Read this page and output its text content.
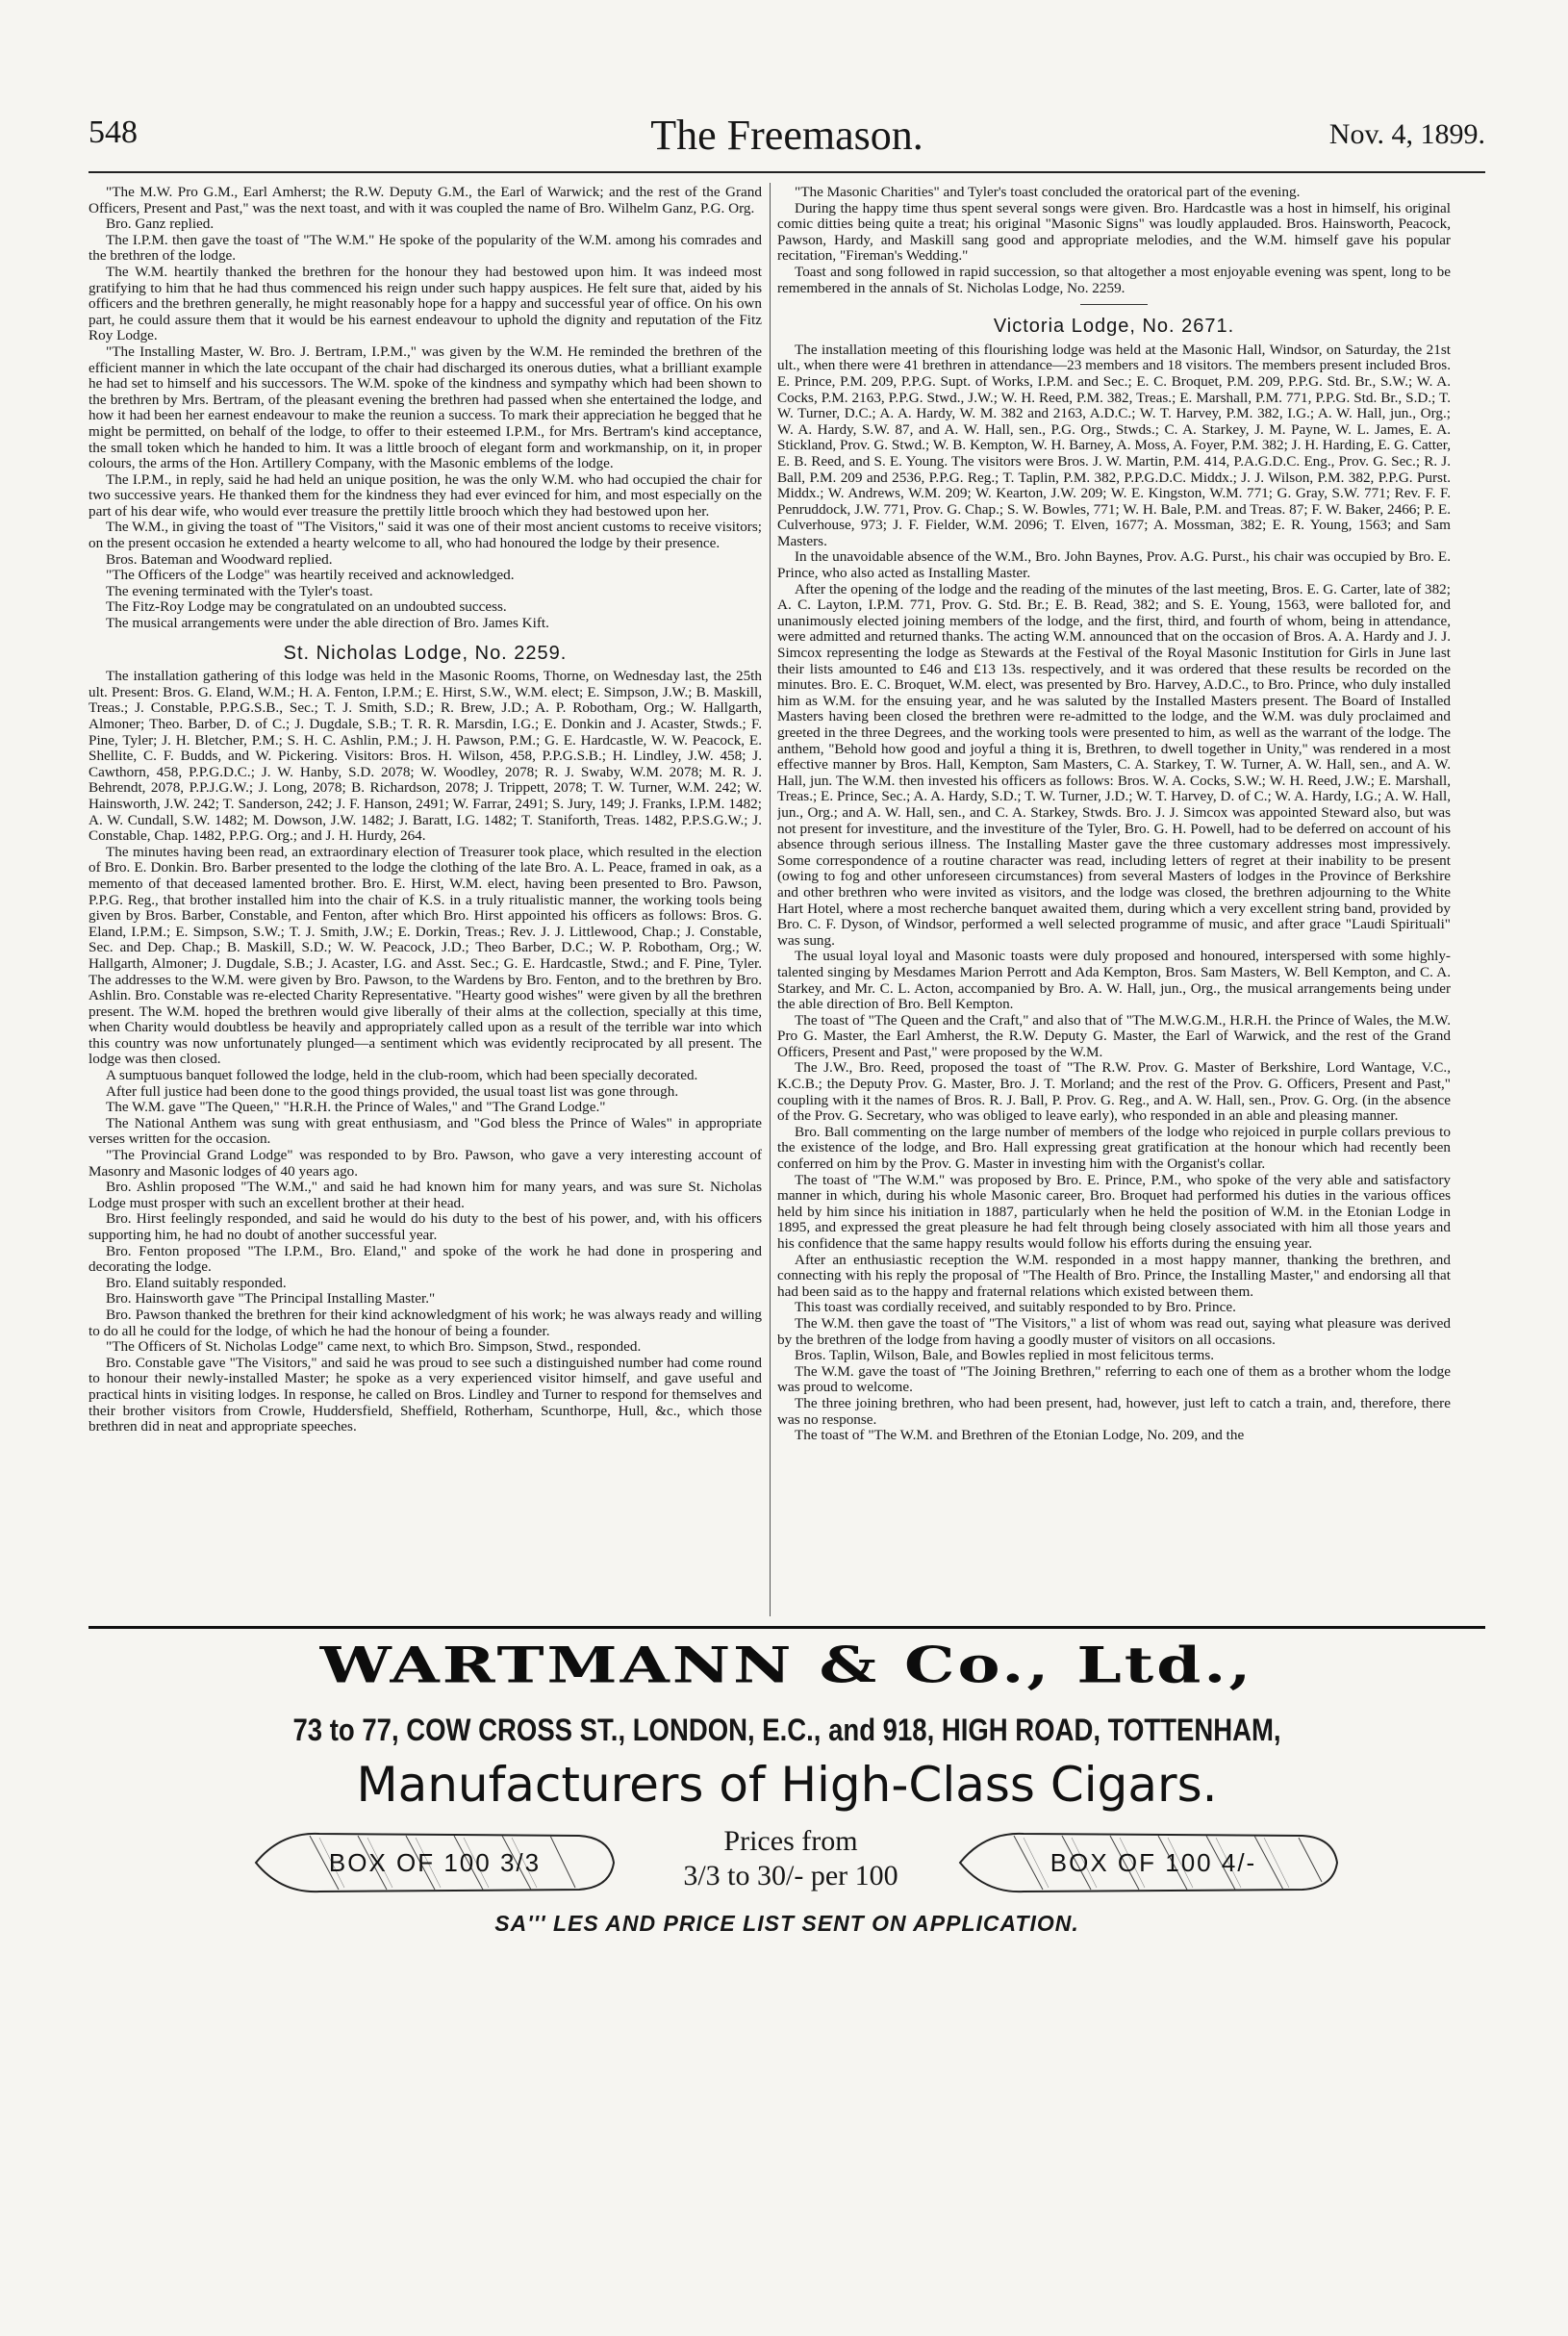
548	The Freemason.	Nov. 4, 1899.

"The M.W. Pro G.M., Earl Amherst; the R.W. Deputy G.M., the Earl of Warwick; and the rest of the Grand Officers, Present and Past," was the next toast, and with it was coupled the name of Bro. Wilhelm Ganz, P.G. Org.

Bro. Ganz replied.

The I.P.M. then gave the toast of "The W.M." He spoke of the popularity of the W.M. among his comrades and the brethren of the lodge.

The W.M. heartily thanked the brethren for the honour they had bestowed upon him. It was indeed most gratifying to him that he had thus commenced his reign under such happy auspices. He felt sure that, aided by his officers and the brethren generally, he might reasonably hope for a happy and successful year of office. On his own part, he could assure them that it would be his earnest endeavour to uphold the dignity and reputation of the Fitz Roy Lodge.

"The Installing Master, W. Bro. J. Bertram, I.P.M.," was given by the W.M. He reminded the brethren of the efficient manner in which the late occupant of the chair had discharged its onerous duties, what a brilliant example he had set to himself and his successors. The W.M. spoke of the kindness and sympathy which had been shown to the brethren by Mrs. Bertram, of the pleasant evening the brethren had passed when she entertained the lodge, and how it had been her earnest endeavour to make the reunion a success. To mark their appreciation he begged that he might be permitted, on behalf of the lodge, to offer to their esteemed I.P.M., for Mrs. Bertram's kind acceptance, the small token which he handed to him. It was a little brooch of elegant form and workmanship, on it, in proper colours, the arms of the Hon. Artillery Company, with the Masonic emblems of the lodge.

The I.P.M., in reply, said he had held an unique position, he was the only W.M. who had occupied the chair for two successive years. He thanked them for the kindness they had ever evinced for him, and most especially on the part of his dear wife, who would ever treasure the prettily little brooch which they had bestowed upon her.

The W.M., in giving the toast of "The Visitors," said it was one of their most ancient customs to receive visitors; on the present occasion he extended a hearty welcome to all, who had honoured the lodge by their presence.

Bros. Bateman and Woodward replied.

"The Officers of the Lodge" was heartily received and acknowledged.

The evening terminated with the Tyler's toast.

The Fitz-Roy Lodge may be congratulated on an undoubted success.

The musical arrangements were under the able direction of Bro. James Kift.

St. Nicholas Lodge, No. 2259.

The installation gathering of this lodge was held in the Masonic Rooms, Thorne, on Wednesday last, the 25th ult. Present: Bros. G. Eland, W.M.; H. A. Fenton, I.P.M.; E. Hirst, S.W., W.M. elect; E. Simpson, J.W.; B. Maskill, Treas.; J. Constable, P.P.G.S.B., Sec.; T. J. Smith, S.D.; R. Brew, J.D.; A. P. Robotham, Org.; W. Hallgarth, Almoner; Theo. Barber, D. of C.; J. Dugdale, S.B.; T. R. R. Marsdin, I.G.; E. Donkin and J. Acaster, Stwds.; F. Pine, Tyler; J. H. Bletcher, P.M.; S. H. C. Ashlin, P.M.; J. H. Pawson, P.M.; G. E. Hardcastle, W. W. Peacock, E. Shellite, C. F. Budds, and W. Pickering. Visitors: Bros. H. Wilson, 458, P.P.G.S.B.; H. Lindley, J.W. 458; J. Cawthorn, 458, P.P.G.D.C.; J. W. Hanby, S.D. 2078; W. Woodley, 2078; R. J. Swaby, W.M. 2078; M. R. J. Behrendt, 2078, P.P.J.G.W.; J. Long, 2078; B. Richardson, 2078; J. Trippett, 2078; T. W. Turner, W.M. 242; W. Hainsworth, J.W. 242; T. Sanderson, 242; J. F. Hanson, 2491; W. Farrar, 2491; S. Jury, 149; J. Franks, I.P.M. 1482; A. W. Cundall, S.W. 1482; M. Dowson, J.W. 1482; J. Baratt, I.G. 1482; T. Staniforth, Treas. 1482, P.P.S.G.W.; J. Constable, Chap. 1482, P.P.G. Org.; and J. H. Hurdy, 264.

The minutes having been read, an extraordinary election of Treasurer took place, which resulted in the election of Bro. E. Donkin. Bro. Barber presented to the lodge the clothing of the late Bro. A. L. Peace, framed in oak, as a memento of that deceased lamented brother. Bro. E. Hirst, W.M. elect, having been presented to Bro. Pawson, P.P.G. Reg., that brother installed him into the chair of K.S. in a truly ritualistic manner, the working tools being given by Bros. Barber, Constable, and Fenton, after which Bro. Hirst appointed his officers as follows: Bros. G. Eland, I.P.M.; E. Simpson, S.W.; T. J. Smith, J.W.; E. Dorkin, Treas.; Rev. J. J. Littlewood, Chap.; J. Constable, Sec. and Dep. Chap.; B. Maskill, S.D.; W. W. Peacock, J.D.; Theo Barber, D.C.; W. P. Robotham, Org.; W. Hallgarth, Almoner; J. Dugdale, S.B.; J. Acaster, I.G. and Asst. Sec.; G. E. Hardcastle, Stwd.; and F. Pine, Tyler. The addresses to the W.M. were given by Bro. Pawson, to the Wardens by Bro. Fenton, and to the brethren by Bro. Ashlin. Bro. Constable was re-elected Charity Representative. "Hearty good wishes" were given by all the brethren present. The W.M. hoped the brethren would give liberally of their alms at the collection, specially at this time, when Charity would doubtless be heavily and appropriately called upon as a result of the terrible war into which this country was now unfortunately plunged—a sentiment which was evidently reciprocated by all present. The lodge was then closed.

A sumptuous banquet followed the lodge, held in the club-room, which had been specially decorated.

After full justice had been done to the good things provided, the usual toast list was gone through.

The W.M. gave "The Queen," "H.R.H. the Prince of Wales," and "The Grand Lodge."

The National Anthem was sung with great enthusiasm, and "God bless the Prince of Wales" in appropriate verses written for the occasion.

"The Provincial Grand Lodge" was responded to by Bro. Pawson, who gave a very interesting account of Masonry and Masonic lodges of 40 years ago.

Bro. Ashlin proposed "The W.M.," and said he had known him for many years, and was sure St. Nicholas Lodge must prosper with such an excellent brother at their head.

Bro. Hirst feelingly responded, and said he would do his duty to the best of his power, and, with his officers supporting him, he had no doubt of another successful year.

Bro. Fenton proposed "The I.P.M., Bro. Eland," and spoke of the work he had done in prospering and decorating the lodge.

Bro. Eland suitably responded.

Bro. Hainsworth gave "The Principal Installing Master."

Bro. Pawson thanked the brethren for their kind acknowledgment of his work; he was always ready and willing to do all he could for the lodge, of which he had the honour of being a founder.

"The Officers of St. Nicholas Lodge" came next, to which Bro. Simpson, Stwd., responded.

Bro. Constable gave "The Visitors," and said he was proud to see such a distinguished number had come round to honour their newly-installed Master; he spoke as a very experienced visitor himself, and gave useful and practical hints in visiting lodges. In response, he called on Bros. Lindley and Turner to respond for themselves and their brother visitors from Crowle, Huddersfield, Sheffield, Rotherham, Scunthorpe, Hull, &c., which those brethren did in neat and appropriate speeches.

"The Masonic Charities" and Tyler's toast concluded the oratorical part of the evening.

During the happy time thus spent several songs were given. Bro. Hardcastle was a host in himself, his original comic ditties being quite a treat; his original "Masonic Signs" was loudly applauded. Bros. Hainsworth, Peacock, Pawson, Hardy, and Maskill sang good and appropriate melodies, and the W.M. himself gave his popular recitation, "Fireman's Wedding."

Toast and song followed in rapid succession, so that altogether a most enjoyable evening was spent, long to be remembered in the annals of St. Nicholas Lodge, No. 2259.

Victoria Lodge, No. 2671.

The installation meeting of this flourishing lodge was held at the Masonic Hall, Windsor, on Saturday, the 21st ult., when there were 41 brethren in attendance—23 members and 18 visitors. The members present included Bros. E. Prince, P.M. 209, P.P.G. Supt. of Works, I.P.M. and Sec.; E. C. Broquet, P.M. 209, P.P.G. Std. Br., S.W.; W. A. Cocks, P.M. 2163, P.P.G. Stwd., J.W.; W. H. Reed, P.M. 382, Treas.; E. Marshall, P.M. 771, P.P.G. Std. Br., S.D.; T. W. Turner, D.C.; A. A. Hardy, W. M. 382 and 2163, A.D.C.; W. T. Harvey, P.M. 382, I.G.; A. W. Hall, jun., Org.; W. A. Hardy, S.W. 87, and A. W. Hall, sen., P.G. Org., Stwds.; C. A. Starkey, J. M. Payne, W. L. James, E. A. Stickland, Prov. G. Stwd.; W. B. Kempton, W. H. Barney, A. Moss, A. Foyer, P.M. 382; J. H. Harding, E. G. Catter, E. B. Reed, and S. E. Young. The visitors were Bros. J. W. Martin, P.M. 414, P.A.G.D.C. Eng., Prov. G. Sec.; R. J. Ball, P.M. 209 and 2536, P.P.G. Reg.; T. Taplin, P.M. 382, P.P.G.D.C. Middx.; J. J. Wilson, P.M. 382, P.P.G. Purst. Middx.; W. Andrews, W.M. 209; W. Kearton, J.W. 209; W. E. Kingston, W.M. 771; G. Gray, S.W. 771; Rev. F. F. Penruddock, J.W. 771, Prov. G. Chap.; S. W. Bowles, 771; W. H. Bale, P.M. and Treas. 87; F. W. Baker, 2466; P. E. Culverhouse, 973; J. F. Fielder, W.M. 2096; T. Elven, 1677; A. Mossman, 382; E. R. Young, 1563; and Sam Masters.

In the unavoidable absence of the W.M., Bro. John Baynes, Prov. A.G. Purst., his chair was occupied by Bro. E. Prince, who also acted as Installing Master.

After the opening of the lodge and the reading of the minutes of the last meeting, Bros. E. G. Carter, late of 382; A. C. Layton, I.P.M. 771, Prov. G. Std. Br.; E. B. Read, 382; and S. E. Young, 1563, were balloted for, and unanimously elected joining members of the lodge, and the first, third, and fourth of whom, being in attendance, were admitted and returned thanks. The acting W.M. announced that on the occasion of Bros. A. A. Hardy and J. J. Simcox representing the lodge as Stewards at the Festival of the Royal Masonic Institution for Girls in June last their lists amounted to £46 and £13 13s. respectively, and it was ordered that these results be recorded on the minutes. Bro. E. C. Broquet, W.M. elect, was presented by Bro. Harvey, A.D.C., to Bro. Prince, who duly installed him as W.M. for the ensuing year, and he was saluted by the Installed Masters present. The Board of Installed Masters having been closed the brethren were re-admitted to the lodge, and the W.M. was duly proclaimed and greeted in the three Degrees, and the working tools were presented to him, as well as the warrant of the lodge. The anthem, "Behold how good and joyful a thing it is, Brethren, to dwell together in Unity," was rendered in a most effective manner by Bros. Hall, Kempton, Sam Masters, C. A. Starkey, T. W. Turner, A. W. Hall, sen., and A. W. Hall, jun. The W.M. then invested his officers as follows: Bros. W. A. Cocks, S.W.; W. H. Reed, J.W.; E. Marshall, Treas.; E. Prince, Sec.; A. A. Hardy, S.D.; T. W. Turner, J.D.; W. T. Harvey, D. of C.; W. A. Hardy, I.G.; A. W. Hall, jun., Org.; and A. W. Hall, sen., and C. A. Starkey, Stwds. Bro. J. J. Simcox was appointed Steward also, but was not present for investiture, and the investiture of the Tyler, Bro. G. H. Powell, had to be deferred on account of his absence through serious illness. The Installing Master gave the three customary addresses most impressively. Some correspondence of a routine character was read, including letters of regret at their inability to be present (owing to fog and other unforeseen circumstances) from several Masters of lodges in the Province of Berkshire and other brethren who were invited as visitors, and the lodge was closed, the brethren adjourning to the White Hart Hotel, where a most recherche banquet awaited them, during which a very excellent string band, provided by Bro. C. F. Dyson, of Windsor, performed a well selected programme of music, and after grace "Laudi Spirituali" was sung.

The usual loyal loyal and Masonic toasts were duly proposed and honoured, interspersed with some highly-talented singing by Mesdames Marion Perrott and Ada Kempton, Bros. Sam Masters, W. Bell Kempton, and C. A. Starkey, and Mr. C. L. Acton, accompanied by Bro. A. W. Hall, jun., Org., the musical arrangements being under the able direction of Bro. Bell Kempton.

The toast of "The Queen and the Craft," and also that of "The M.W.G.M., H.R.H. the Prince of Wales, the M.W. Pro G. Master, the Earl Amherst, the R.W. Deputy G. Master, the Earl of Warwick, and the rest of the Grand Officers, Present and Past," were proposed by the W.M.

The J.W., Bro. Reed, proposed the toast of "The R.W. Prov. G. Master of Berkshire, Lord Wantage, V.C., K.C.B.; the Deputy Prov. G. Master, Bro. J. T. Morland; and the rest of the Prov. G. Officers, Present and Past," coupling with it the names of Bros. R. J. Ball, P. Prov. G. Reg., and A. W. Hall, sen., Prov. G. Org. (in the absence of the Prov. G. Secretary, who was obliged to leave early), who responded in an able and pleasing manner.

Bro. Ball commenting on the large number of members of the lodge who rejoiced in purple collars previous to the existence of the lodge, and Bro. Hall expressing great gratification at the honour which had recently been conferred on him by the Prov. G. Master in investing him with the Organist's collar.

The toast of "The W.M." was proposed by Bro. E. Prince, P.M., who spoke of the very able and satisfactory manner in which, during his whole Masonic career, Bro. Broquet had performed his duties in the various offices held by him since his initiation in 1887, particularly when he held the position of W.M. in the Etonian Lodge in 1895, and expressed the great pleasure he had felt through being closely associated with him all those years and his confidence that the same happy results would follow his efforts during the ensuing year.

After an enthusiastic reception the W.M. responded in a most happy manner, thanking the brethren, and connecting with his reply the proposal of "The Health of Bro. Prince, the Installing Master," and endorsing all that had been said as to the happy and fraternal relations which existed between them.

This toast was cordially received, and suitably responded to by Bro. Prince.

The W.M. then gave the toast of "The Visitors," a list of whom was read out, saying what pleasure was derived by the brethren of the lodge from having a goodly muster of visitors on all occasions.

Bros. Taplin, Wilson, Bale, and Bowles replied in most felicitous terms.

The W.M. gave the toast of "The Joining Brethren," referring to each one of them as a brother whom the lodge was proud to welcome.

The three joining brethren, who had been present, had, however, just left to catch a train, and, therefore, there was no response.

The toast of "The W.M. and Brethren of the Etonian Lodge, No. 209, and the

WARTMANN & Co., Ltd.,
73 to 77, COW CROSS ST., LONDON, E.C., and 918, HIGH ROAD, TOTTENHAM,
Manufacturers of High-Class Cigars.
BOX OF 100 3/3
Prices from
3/3 to 30/- per 100	BOX OF 100 4/-
SA''' LES AND PRICE LIST SENT ON APPLICATION.
